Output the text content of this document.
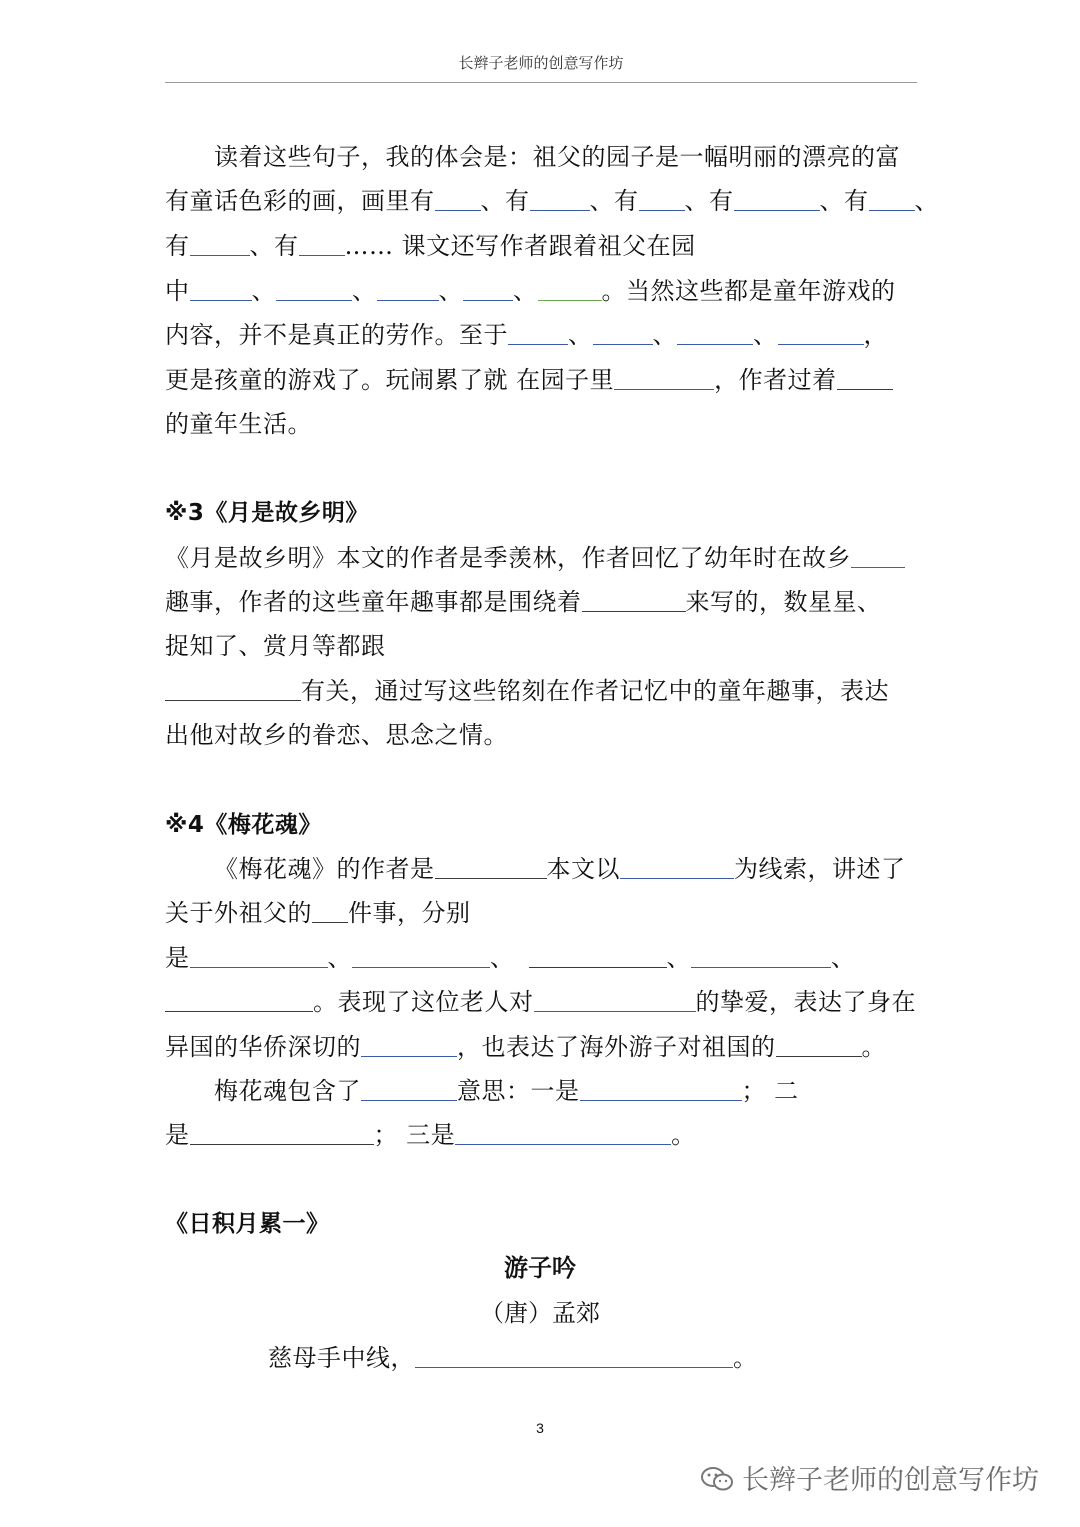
长辫子老师的创意写作坊
读着这些句子，我的体会是：祖父的园子是一幅明丽的漂亮的富
有童话色彩的画，画里有 、有	、有 、有	、有 、
有	、有 …… 课文还写作者跟着祖父在园
中	、	、	、 、	。当然这些都是童年游戏的
内容，并不是真正的劳作。至于	、	、	、	，
更是孩童的游戏了。玩闹累了就 在园子里	，作者过着
的童年生活。
※3《月是故乡明》
《月是故乡明》本文的作者是季羡林，作者回忆了幼年时在故乡
趣事，作者的这些童年趣事都是围绕着	来写的，数星星、
捉知了、赏月等都跟
有关，通过写这些铭刻在作者记忆中的童年趣事，表达
出他对故乡的眷恋、思念之情。
※4《梅花魂》
《梅花魂》的作者是	本文以	为线索，讲述了
关于外祖父的 件事，分别
是	、	、	、	、
。表现了这位老人对	的挚爱，表达了身在
异国的华侨深切的	，也表达了海外游子对祖国的	。
梅花魂包含了	意思：一是	； 二
是	； 三是	。
《日积月累一》
游子吟
（唐）孟郊
慈母手中线，	。
3
长辫子老师的创意写作坊
